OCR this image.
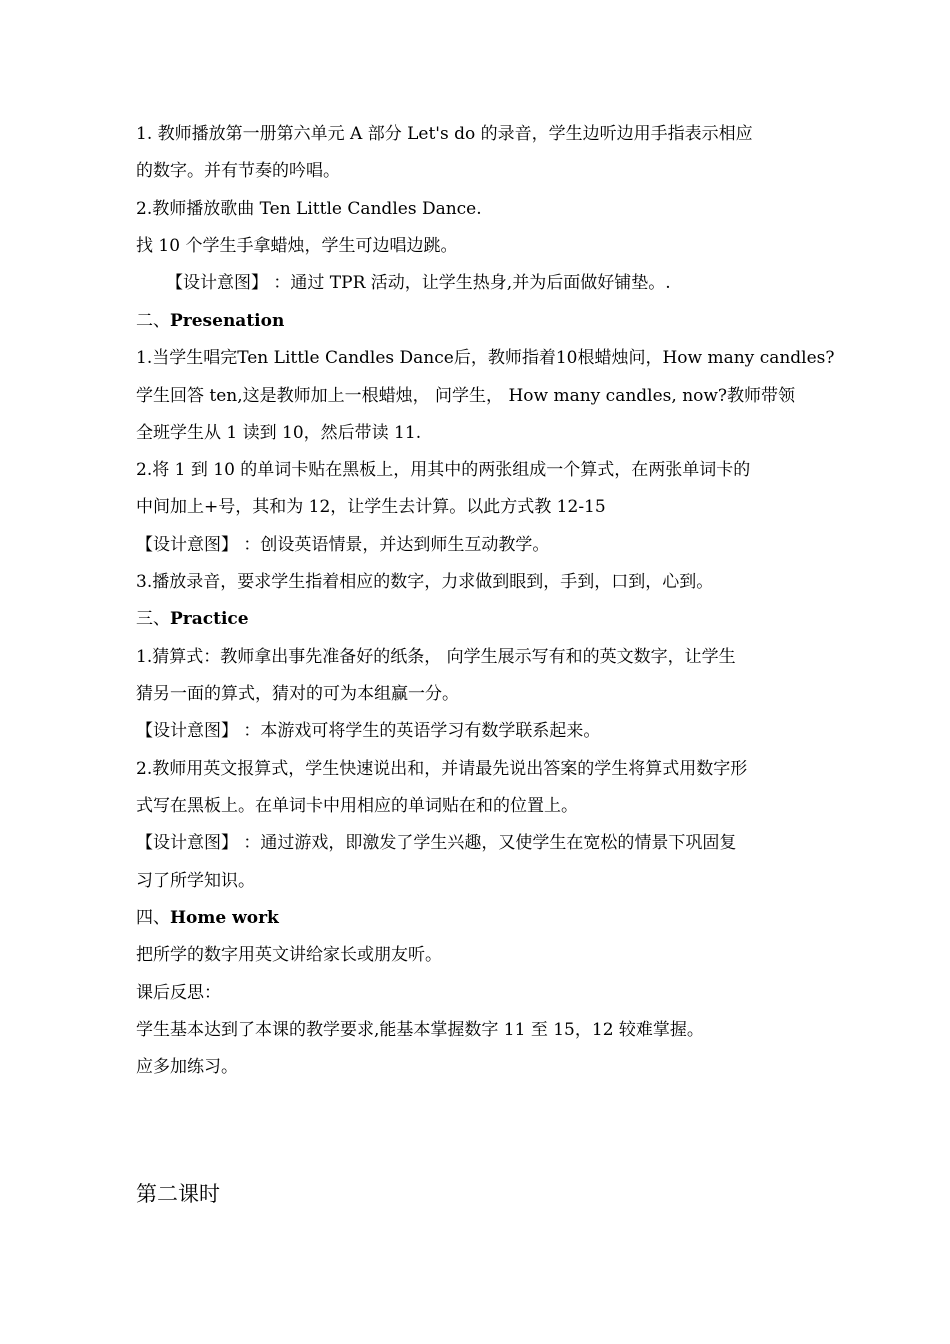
1. 教师播放第一册第六单元 A 部分 Let's do 的录音，学生边听边用手指表示相应
的数字。并有节奏的吟唱。
2.教师播放歌曲 Ten Little Candles Dance.
找 10 个学生手拿蜡烛，学生可边唱边跳。
【设计意图】 ：通过 TPR 活动，让学生热身,并为后面做好铺垫。.
二、Presenation
1.当学生唱完Ten Little Candles Dance后，教师指着10根蜡烛问，How many candles?
学生回答 ten,这是教师加上一根蜡烛， 问学生， How many candles, now?教师带领
全班学生从 1 读到 10，然后带读 11.
2.将 1 到 10 的单词卡贴在黑板上，用其中的两张组成一个算式，在两张单词卡的
中间加上+号，其和为 12，让学生去计算。以此方式教 12-15
【设计意图】 ：创设英语情景，并达到师生互动教学。
3.播放录音，要求学生指着相应的数字，力求做到眼到，手到，口到，心到。
三、Practice
1.猜算式：教师拿出事先准备好的纸条， 向学生展示写有和的英文数字，让学生
猜另一面的算式，猜对的可为本组赢一分。
【设计意图】 ：本游戏可将学生的英语学习有数学联系起来。
2.教师用英文报算式，学生快速说出和，并请最先说出答案的学生将算式用数字形
式写在黑板上。在单词卡中用相应的单词贴在和的位置上。
【设计意图】 ：通过游戏，即激发了学生兴趣，又使学生在宽松的情景下巩固复
习了所学知识。
四、Home work
把所学的数字用英文讲给家长或朋友听。
课后反思：
学生基本达到了本课的教学要求,能基本掌握数字 11 至 15，12 较难掌握。
应多加练习。
第二课时
